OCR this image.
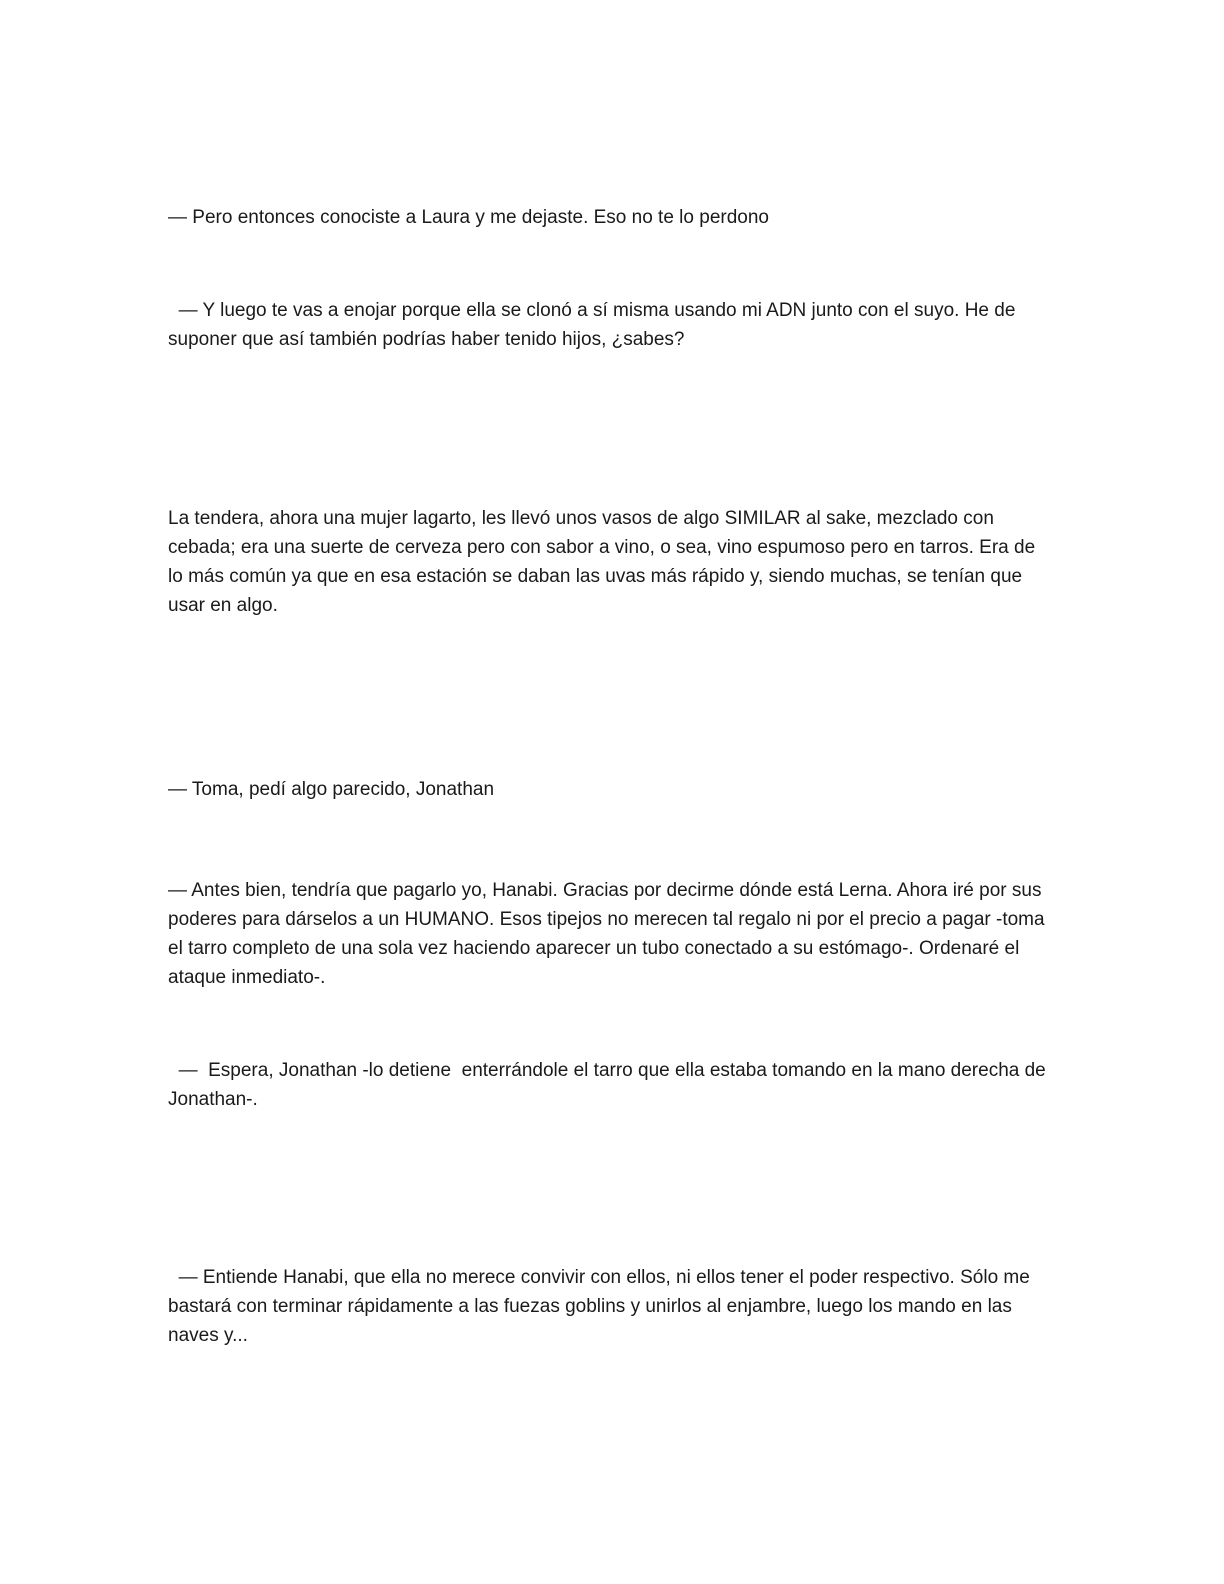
— Pero entonces conociste a Laura y me dejaste. Eso no te lo perdono

— Y luego te vas a enojar porque ella se clonó a sí misma usando mi ADN junto con el suyo. He de suponer que así también podrías haber tenido hijos, ¿sabes?

La tendera, ahora una mujer lagarto, les llevó unos vasos de algo SIMILAR al sake, mezclado con cebada; era una suerte de cerveza pero con sabor a vino, o sea, vino espumoso pero en tarros. Era de lo más común ya que en esa estación se daban las uvas más rápido y, siendo muchas, se tenían que usar en algo.

— Toma, pedí algo parecido, Jonathan

— Antes bien, tendría que pagarlo yo, Hanabi. Gracias por decirme dónde está Lerna. Ahora iré por sus poderes para dárselos a un HUMANO. Esos tipejos no merecen tal regalo ni por el precio a pagar -toma el tarro completo de una sola vez haciendo aparecer un tubo conectado a su estómago-. Ordenaré el ataque inmediato-.

—  Espera, Jonathan -lo detiene  enterrándole el tarro que ella estaba tomando en la mano derecha de Jonathan-.

— Entiende Hanabi, que ella no merece convivir con ellos, ni ellos tener el poder respectivo. Sólo me bastará con terminar rápidamente a las fuezas goblins y unirlos al enjambre, luego los mando en las naves y...
